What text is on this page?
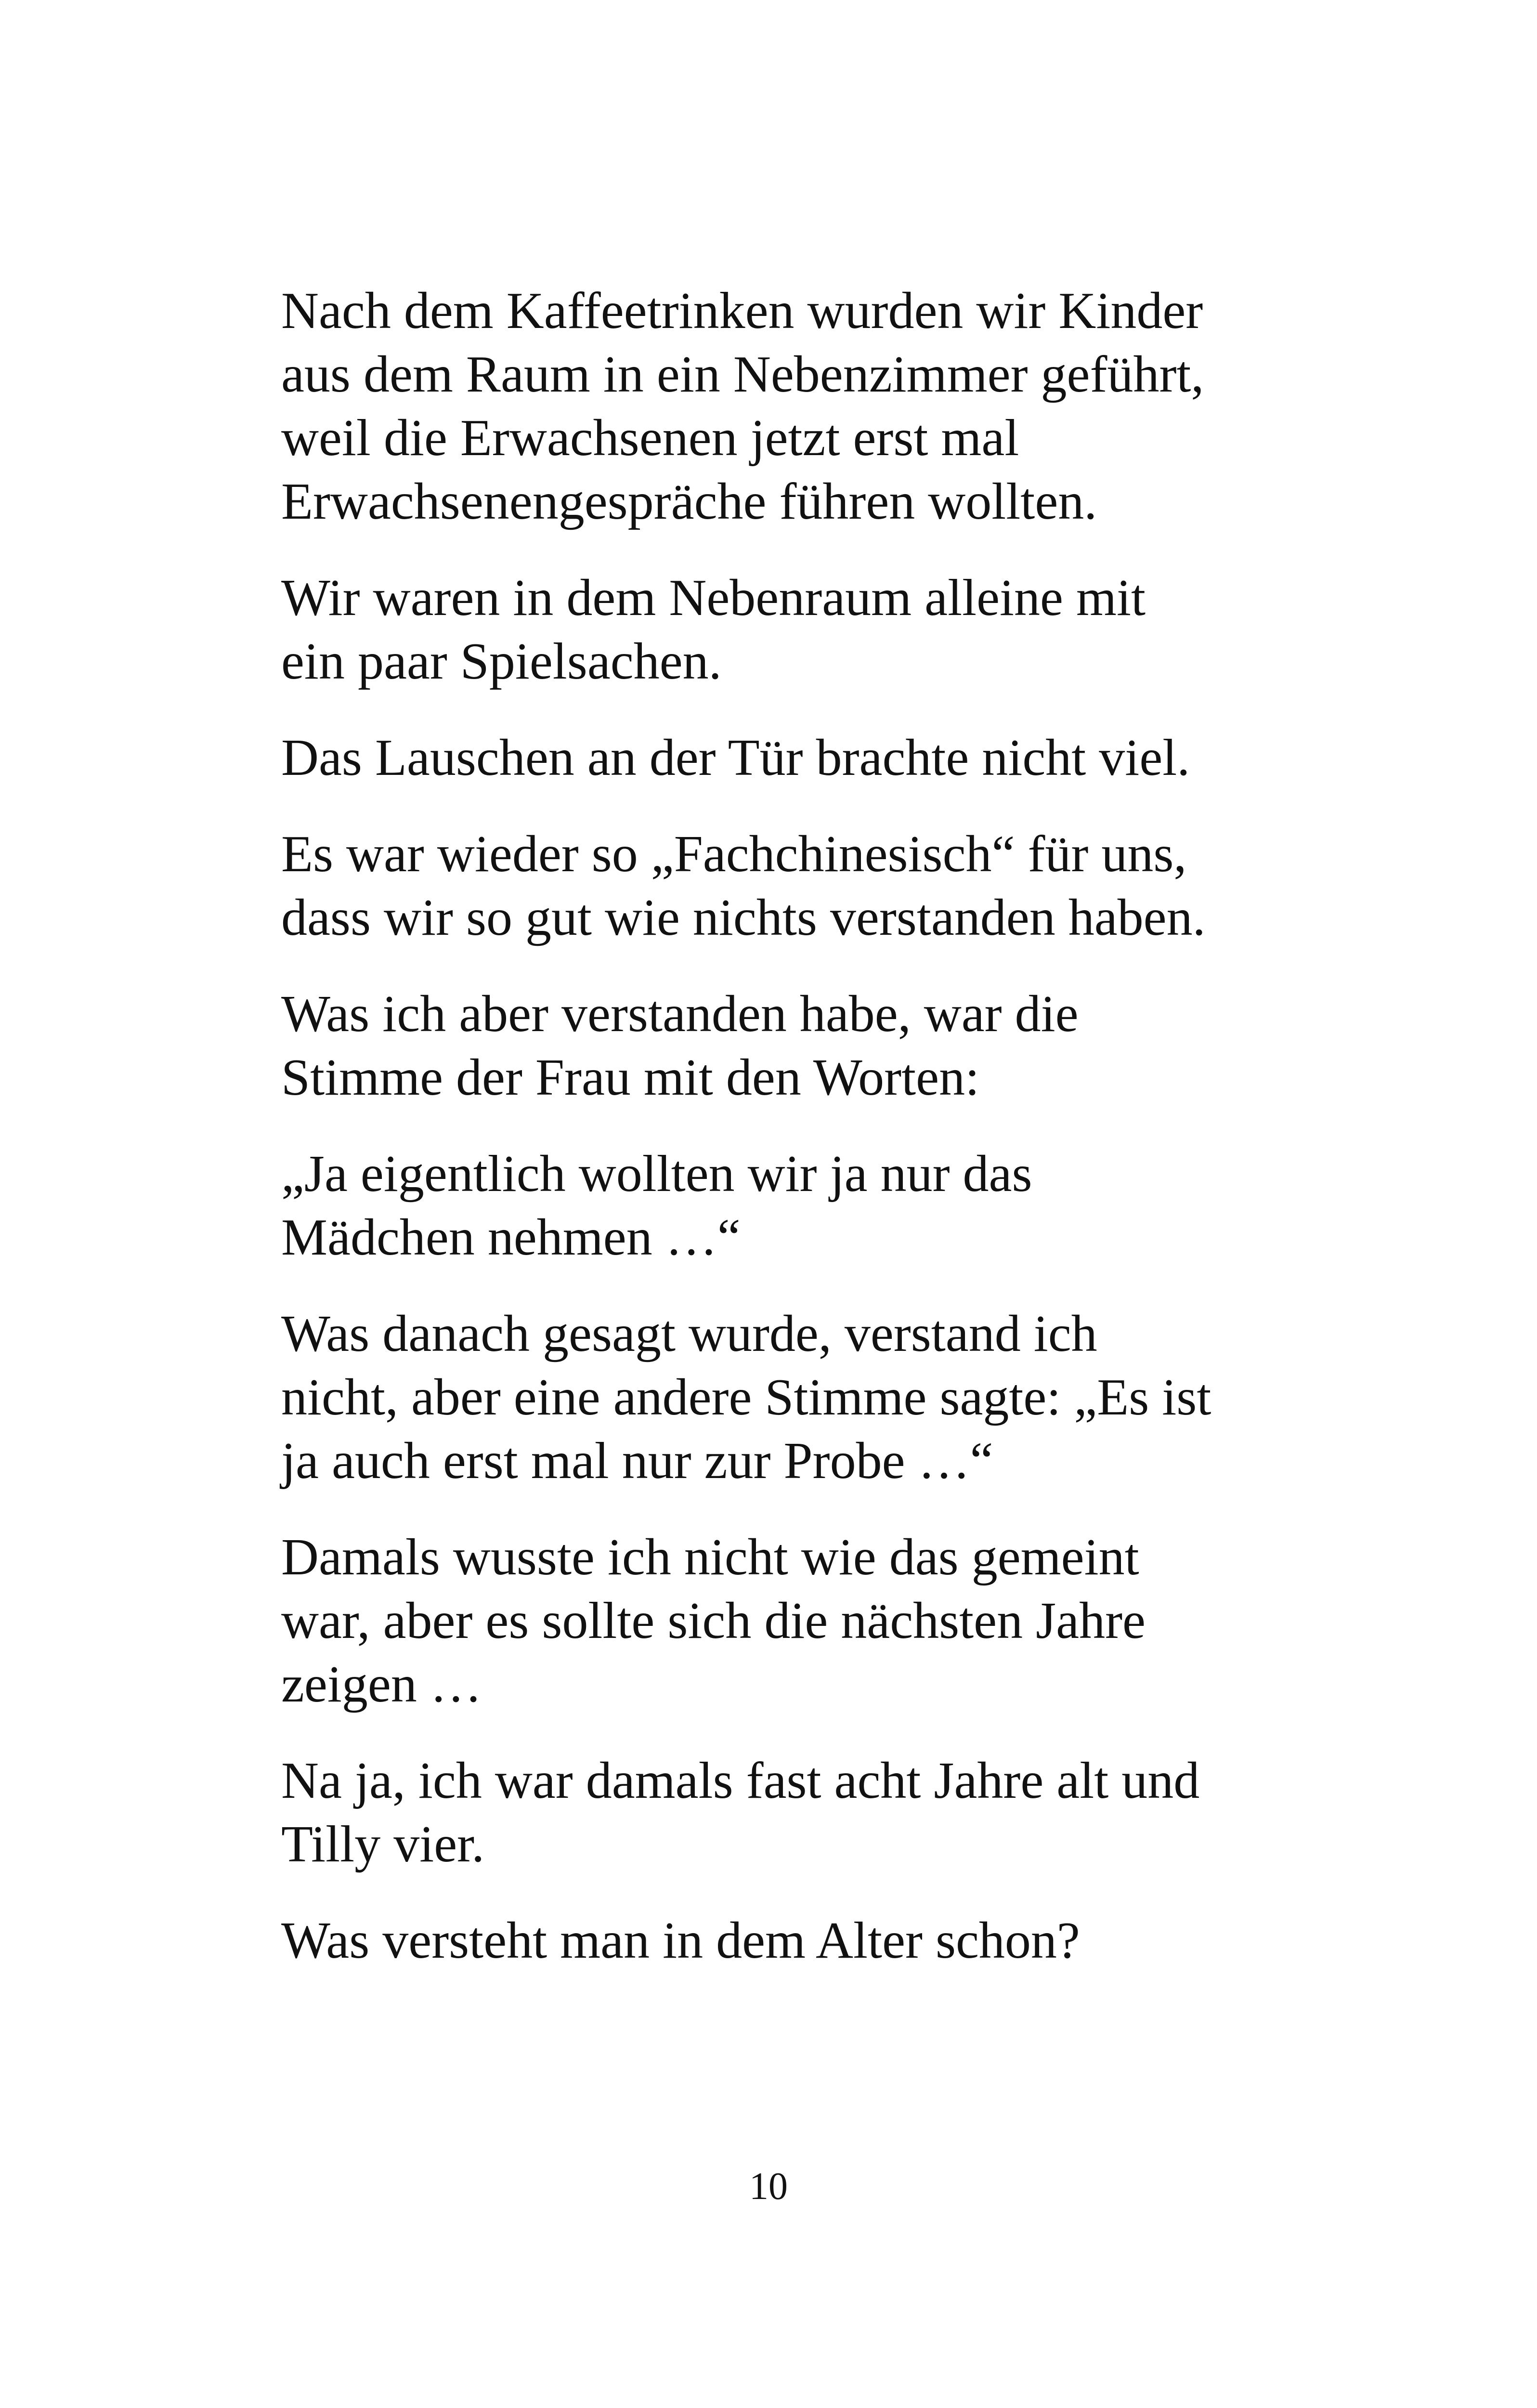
Nach dem Kaffeetrinken wurden wir Kinder
aus dem Raum in ein Nebenzimmer geführt,
weil die Erwachsenen jetzt erst mal
Erwachsenengespräche führen wollten.

Wir waren in dem Nebenraum alleine mit
ein paar Spielsachen.

Das Lauschen an der Tür brachte nicht viel.

Es war wieder so „Fachchinesisch“ für uns,
dass wir so gut wie nichts verstanden haben.

Was ich aber verstanden habe, war die
Stimme der Frau mit den Worten:

„Ja eigentlich wollten wir ja nur das
Mädchen nehmen …“

Was danach gesagt wurde, verstand ich
nicht, aber eine andere Stimme sagte: „Es ist
ja auch erst mal nur zur Probe …“

Damals wusste ich nicht wie das gemeint
war, aber es sollte sich die nächsten Jahre
zeigen …

Na ja, ich war damals fast acht Jahre alt und
Tilly vier.

Was versteht man in dem Alter schon?

10
